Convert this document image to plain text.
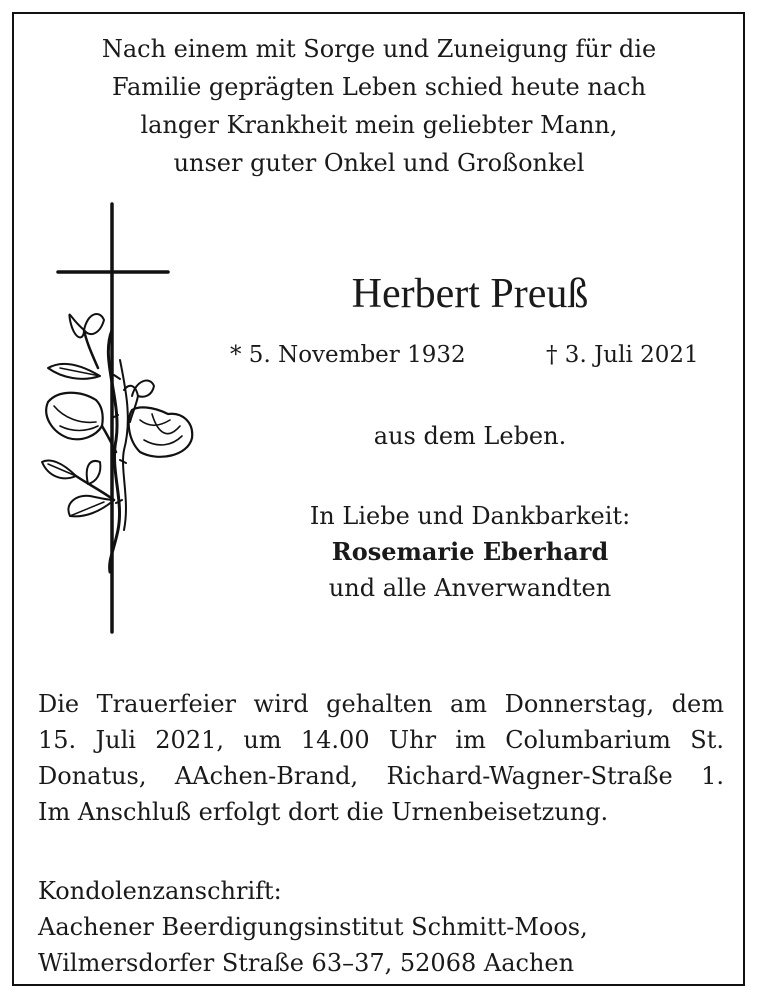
Nach einem mit Sorge und Zuneigung für die
Familie geprägten Leben schied heute nach
langer Krankheit mein geliebter Mann,
unser guter Onkel und Großonkel
Herbert Preuß
* 5. November 1932	† 3. Juli 2021
aus dem Leben.
In Liebe und Dankbarkeit:
Rosemarie Eberhard
und alle Anverwandten
Die Trauerfeier wird gehalten am Donnerstag, dem
15. Juli 2021, um 14.00 Uhr im Columbarium St.
Donatus, AAchen-Brand, Richard-Wagner-Straße 1.
Im Anschluß erfolgt dort die Urnenbeisetzung.
Kondolenzanschrift:
Aachener Beerdigungsinstitut Schmitt-Moos,
Wilmersdorfer Straße 63–37, 52068 Aachen
